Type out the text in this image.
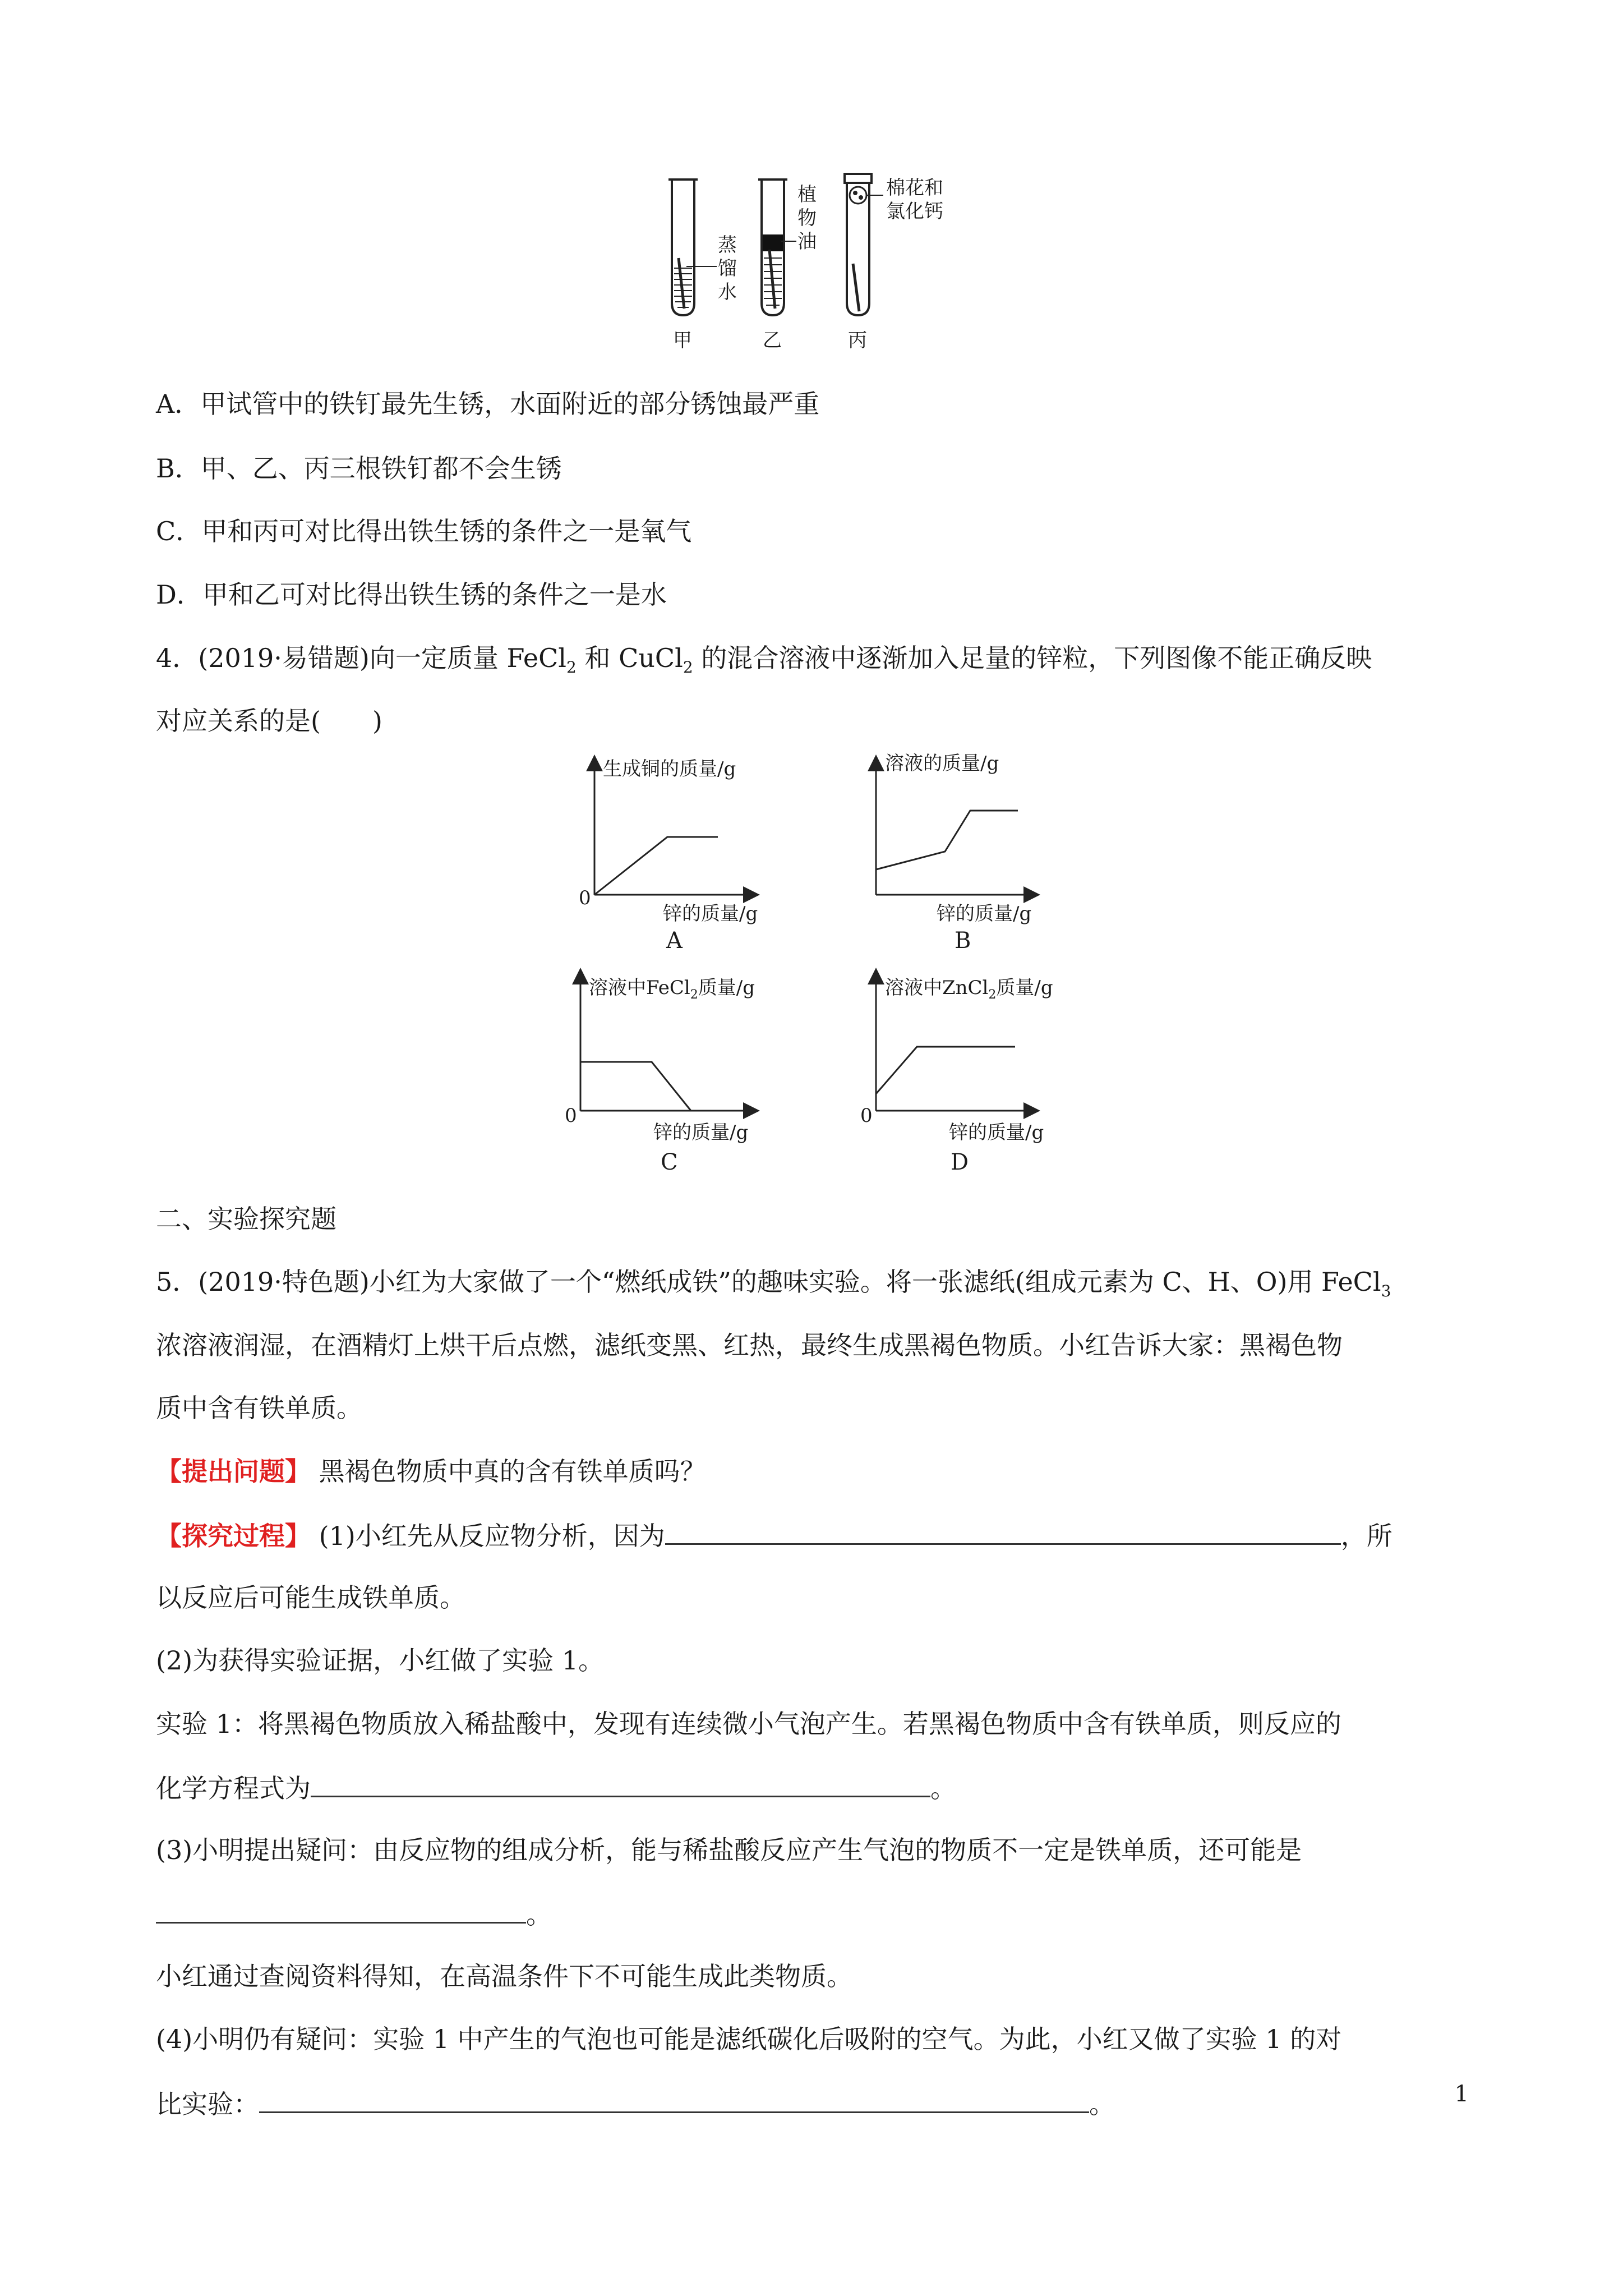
蒸
馏
水
植
物
油
棉花和
氯化钙
甲	乙	丙
A．甲试管中的铁钉最先生锈，水面附近的部分锈蚀最严重
B．甲、乙、丙三根铁钉都不会生锈
C．甲和丙可对比得出铁生锈的条件之一是氧气
D．甲和乙可对比得出铁生锈的条件之一是水
4．(2019·易错题)向一定质量 FeCl$_2$ 和 CuCl$_2$ 的混合溶液中逐渐加入足量的锌粒，下列图像不能正确反映
对应关系的是(　　)
生成铜的质量/g
0
锌的质量/g
A
溶液的质量/g
锌的质量/g
B
溶液中FeCl$_2$质量/g
0
锌的质量/g
C
溶液中ZnCl$_2$质量/g
0
锌的质量/g
D
二、实验探究题
5．(2019·特色题)小红为大家做了一个“燃纸成铁”的趣味实验。将一张滤纸(组成元素为 C、H、O)用 FeCl$_3$
浓溶液润湿，在酒精灯上烘干后点燃，滤纸变黑、红热，最终生成黑褐色物质。小红告诉大家：黑褐色物
质中含有铁单质。
【提出问题】 黑褐色物质中真的含有铁单质吗？
【探究过程】 (1)小红先从反应物分析，因为	，所
以反应后可能生成铁单质。
(2)为获得实验证据，小红做了实验 1。
实验 1：将黑褐色物质放入稀盐酸中，发现有连续微小气泡产生。若黑褐色物质中含有铁单质，则反应的
化学方程式为	。
(3)小明提出疑问：由反应物的组成分析，能与稀盐酸反应产生气泡的物质不一定是铁单质，还可能是
。
小红通过查阅资料得知，在高温条件下不可能生成此类物质。
(4)小明仍有疑问：实验 1 中产生的气泡也可能是滤纸碳化后吸附的空气。为此，小红又做了实验 1 的对
比实验：	。	1
